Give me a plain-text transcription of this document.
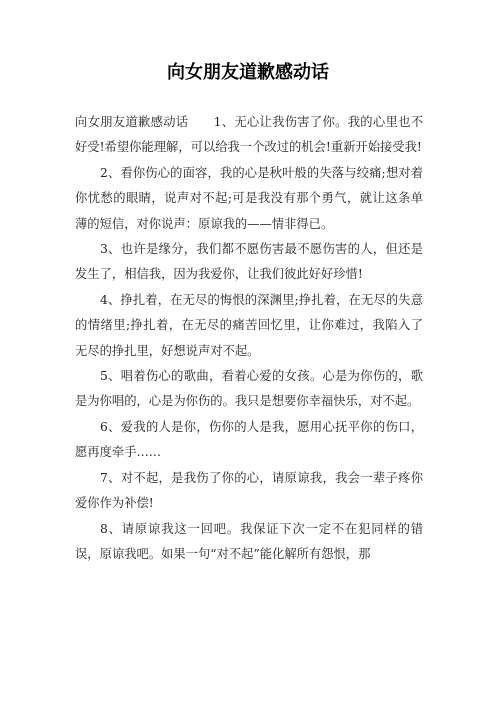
向女朋友道歉感动话

向女朋友道歉感动话　　1、无心让我伤害了你。我的心里也不好受!希望你能理解，可以给我一个改过的机会!重新开始接受我!

2、看你伤心的面容，我的心是秋叶般的失落与绞痛;想对着你忧愁的眼睛，说声对不起;可是我没有那个勇气，就让这条单薄的短信，对你说声：原谅我的——情非得已。

3、也许是缘分，我们都不愿伤害最不愿伤害的人，但还是发生了，相信我，因为我爱你，让我们彼此好好珍惜!

4、挣扎着，在无尽的悔恨的深渊里;挣扎着，在无尽的失意的情绪里;挣扎着，在无尽的痛苦回忆里，让你难过，我陷入了无尽的挣扎里，好想说声对不起。

5、唱着伤心的歌曲，看着心爱的女孩。心是为你伤的，歌是为你唱的，心是为你伤的。我只是想要你幸福快乐，对不起。

6、爱我的人是你，伤你的人是我，愿用心抚平你的伤口，愿再度牵手……

7、对不起，是我伤了你的心，请原谅我，我会一辈子疼你爱你作为补偿!

8、请原谅我这一回吧。我保证下次一定不在犯同样的错误，原谅我吧。如果一句“对不起”能化解所有怨恨，那
